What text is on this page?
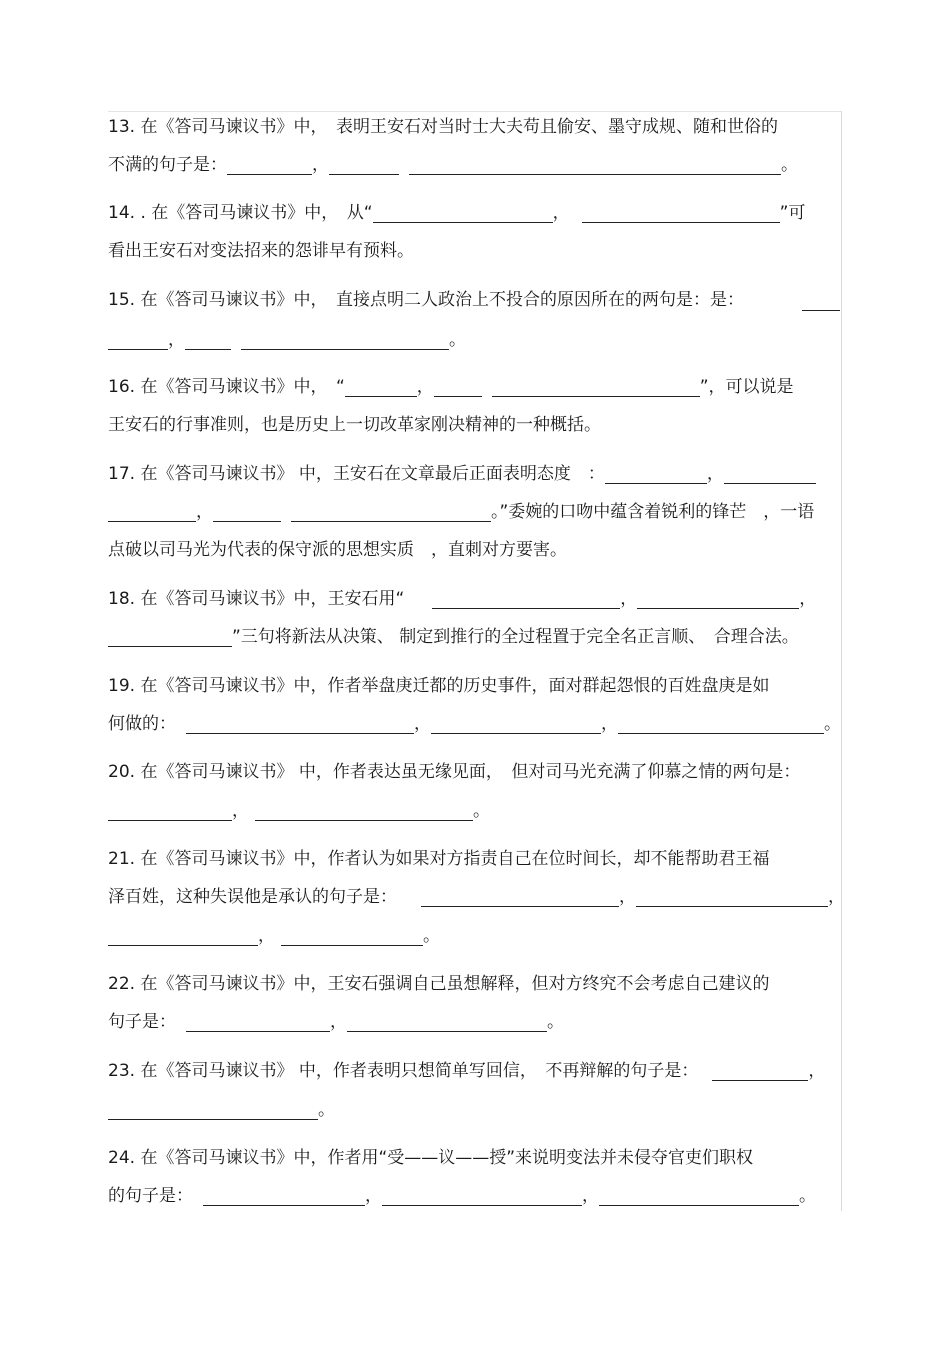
13. 在《答司马谏议书》中，　表明王安石对当时士大夫苟且偷安、墨守成规、随和世俗的
不满的句子是：	，	。
14. . 在《答司马谏议书》中，　从“	，	”可
看出王安石对变法招来的怨诽早有预料。
15. 在《答司马谏议书》中，　直接点明二人政治上不投合的原因所在的两句是：是：
，	。
16. 在《答司马谏议书》中，　“	，	”，可以说是
王安石的行事准则，也是历史上一切改革家刚决精神的一种概括。
17. 在《答司马谏议书》 中，王安石在文章最后正面表明态度　：	，
，	。”委婉的口吻中蕴含着锐利的锋芒　，一语
点破以司马光为代表的保守派的思想实质　，直刺对方要害。
18. 在《答司马谏议书》中，王安石用“	，	，
”三句将新法从决策、 制定到推行的全过程置于完全名正言顺、　合理合法。
19. 在《答司马谏议书》中，作者举盘庚迁都的历史事件，面对群起怨恨的百姓盘庚是如
何做的：	，	，	。
20. 在《答司马谏议书》 中，作者表达虽无缘见面，　但对司马光充满了仰慕之情的两句是：
，	。
21. 在《答司马谏议书》中，作者认为如果对方指责自己在位时间长，却不能帮助君王福
泽百姓，这种失误他是承认的句子是：	，	，
，	。
22. 在《答司马谏议书》中，王安石强调自己虽想解释，但对方终究不会考虑自己建议的
句子是：	，	。
23. 在《答司马谏议书》 中，作者表明只想简单写回信，　不再辩解的句子是：	，
。
24. 在《答司马谏议书》中，作者用“受——议——授”来说明变法并未侵夺官吏们职权
的句子是：	，	，	。
